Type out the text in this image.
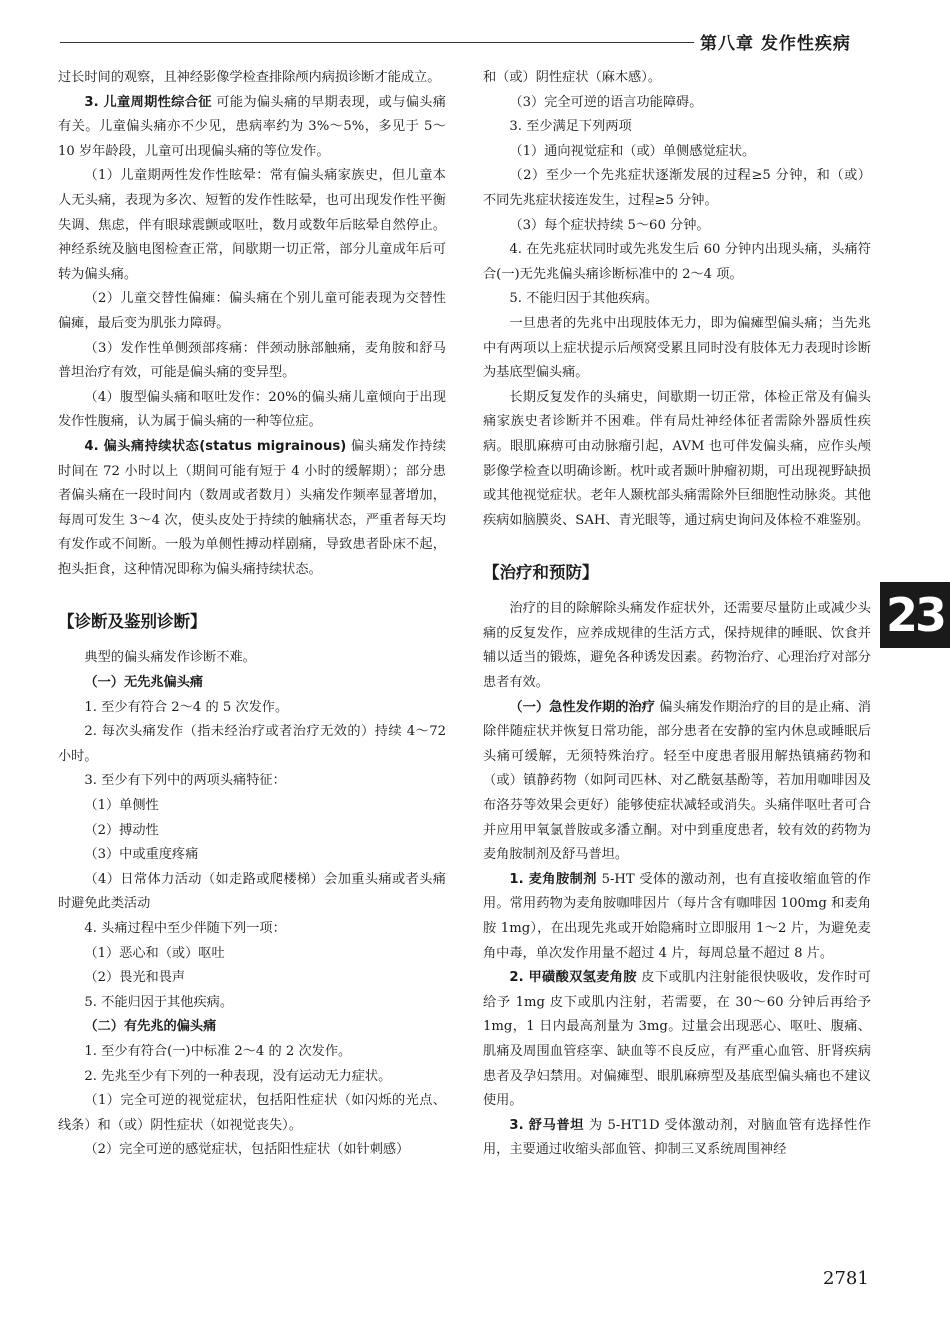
第八章 发作性疾病

过长时间的观察，且神经影像学检查排除颅内病损诊断才能成立。

3. 儿童周期性综合征 可能为偏头痛的早期表现，或与偏头痛有关。儿童偏头痛亦不少见，患病率约为 3%～5%，多见于 5～10 岁年龄段，儿童可出现偏头痛的等位发作。

（1）儿童期两性发作性眩晕：常有偏头痛家族史，但儿童本人无头痛，表现为多次、短暂的发作性眩晕，也可出现发作性平衡失调、焦虑，伴有眼球震颤或呕吐，数月或数年后眩晕自然停止。神经系统及脑电图检查正常，间歇期一切正常，部分儿童成年后可转为偏头痛。

（2）儿童交替性偏瘫：偏头痛在个别儿童可能表现为交替性偏瘫，最后变为肌张力障碍。

（3）发作性单侧颈部疼痛：伴颈动脉部触痛，麦角胺和舒马普坦治疗有效，可能是偏头痛的变异型。

（4）腹型偏头痛和呕吐发作：20%的偏头痛儿童倾向于出现发作性腹痛，认为属于偏头痛的一种等位症。

4. 偏头痛持续状态(status migrainous) 偏头痛发作持续时间在 72 小时以上（期间可能有短于 4 小时的缓解期）；部分患者偏头痛在一段时间内（数周或者数月）头痛发作频率显著增加，每周可发生 3～4 次，使头皮处于持续的触痛状态，严重者每天均有发作或不间断。一般为单侧性搏动样剧痛，导致患者卧床不起，抱头拒食，这种情况即称为偏头痛持续状态。

【诊断及鉴别诊断】

典型的偏头痛发作诊断不难。

（一）无先兆偏头痛

1. 至少有符合 2～4 的 5 次发作。

2. 每次头痛发作（指未经治疗或者治疗无效的）持续 4～72 小时。

3. 至少有下列中的两项头痛特征：

（1）单侧性

（2）搏动性

（3）中或重度疼痛

（4）日常体力活动（如走路或爬楼梯）会加重头痛或者头痛时避免此类活动

4. 头痛过程中至少伴随下列一项：

（1）恶心和（或）呕吐

（2）畏光和畏声

5. 不能归因于其他疾病。

（二）有先兆的偏头痛

1. 至少有符合(一)中标准 2～4 的 2 次发作。

2. 先兆至少有下列的一种表现，没有运动无力症状。

（1）完全可逆的视觉症状，包括阳性症状（如闪烁的光点、线条）和（或）阴性症状（如视觉丧失）。

（2）完全可逆的感觉症状，包括阳性症状（如针刺感）

和（或）阴性症状（麻木感）。

（3）完全可逆的语言功能障碍。

3. 至少满足下列两项

（1）通向视觉症和（或）单侧感觉症状。

（2）至少一个先兆症状逐渐发展的过程≥5 分钟，和（或）不同先兆症状接连发生，过程≥5 分钟。

（3）每个症状持续 5～60 分钟。

4. 在先兆症状同时或先兆发生后 60 分钟内出现头痛，头痛符合(一)无先兆偏头痛诊断标准中的 2～4 项。

5. 不能归因于其他疾病。

一旦患者的先兆中出现肢体无力，即为偏瘫型偏头痛；当先兆中有两项以上症状提示后颅窝受累且同时没有肢体无力表现时诊断为基底型偏头痛。

长期反复发作的头痛史，间歇期一切正常，体检正常及有偏头痛家族史者诊断并不困难。伴有局灶神经体征者需除外器质性疾病。眼肌麻痹可由动脉瘤引起，AVM 也可伴发偏头痛，应作头颅影像学检查以明确诊断。枕叶或者颞叶肿瘤初期，可出现视野缺损或其他视觉症状。老年人颞枕部头痛需除外巨细胞性动脉炎。其他疾病如脑膜炎、SAH、青光眼等，通过病史询问及体检不难鉴别。

【治疗和预防】

治疗的目的除解除头痛发作症状外，还需要尽量防止或减少头痛的反复发作，应养成规律的生活方式，保持规律的睡眠、饮食并辅以适当的锻炼，避免各种诱发因素。药物治疗、心理治疗对部分患者有效。

（一）急性发作期的治疗 偏头痛发作期治疗的目的是止痛、消除伴随症状并恢复日常功能，部分患者在安静的室内休息或睡眠后头痛可缓解，无须特殊治疗。轻至中度患者服用解热镇痛药物和（或）镇静药物（如阿司匹林、对乙酰氨基酚等，若加用咖啡因及布洛芬等效果会更好）能够使症状减轻或消失。头痛伴呕吐者可合并应用甲氧氯普胺或多潘立酮。对中到重度患者，较有效的药物为麦角胺制剂及舒马普坦。

1. 麦角胺制剂 5-HT 受体的激动剂，也有直接收缩血管的作用。常用药物为麦角胺咖啡因片（每片含有咖啡因 100mg 和麦角胺 1mg），在出现先兆或开始隐痛时立即服用 1～2 片，为避免麦角中毒，单次发作用量不超过 4 片，每周总量不超过 8 片。

2. 甲磺酸双氢麦角胺 皮下或肌内注射能很快吸收，发作时可给予 1mg 皮下或肌内注射，若需要，在 30～60 分钟后再给予 1mg，1 日内最高剂量为 3mg。过量会出现恶心、呕吐、腹痛、肌痛及周围血管痉挛、缺血等不良反应，有严重心血管、肝肾疾病患者及孕妇禁用。对偏瘫型、眼肌麻痹型及基底型偏头痛也不建议使用。

3. 舒马普坦 为 5-HT1D 受体激动剂，对脑血管有选择性作用，主要通过收缩头部血管、抑制三叉系统周围神经

23
2781
